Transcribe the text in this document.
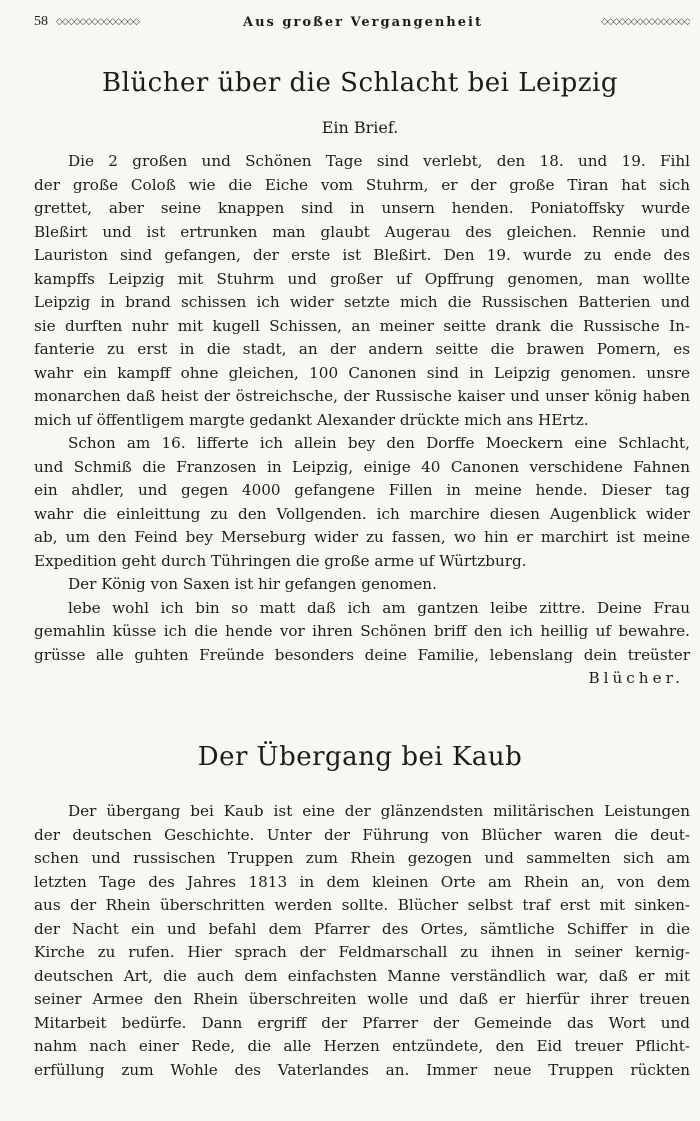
58 ◇◇◇◇◇◇◇◇◇◇◇◇◇◇	Aus großer Vergangenheit	◇◇◇◇◇◇◇◇◇◇◇◇◇◇◇
Blücher über die Schlacht bei Leipzig
Ein Brief.

Die 2 großen und Schönen Tage sind verlebt, den 18. und 19. Fihl
der große Coloß wie die Eiche vom Stuhrm, er der große Tiran hat sich
grettet, aber seine knappen sind in unsern henden. Poniatoffsky wurde
Bleßirt und ist ertrunken man glaubt Augerau des gleichen. Rennie und
Lauriston sind gefangen, der erste ist Bleßirt. Den 19. wurde zu ende des
kampffs Leipzig mit Stuhrm und großer uf Opffrung genomen, man wollte
Leipzig in brand schissen ich wider setzte mich die Russischen Batterien und
sie durften nuhr mit kugell Schissen, an meiner seitte drank die Russische In-
fanterie zu erst in die stadt, an der andern seitte die brawen Pomern, es
wahr ein kampff ohne gleichen, 100 Canonen sind in Leipzig genomen. unsre
monarchen daß heist der östreichsche, der Russische kaiser und unser könig haben
mich uf öffentligem margte gedankt Alexander drückte mich ans HErtz.

Schon am 16. lifferte ich allein bey den Dorffe Moeckern eine Schlacht,
und Schmiß die Franzosen in Leipzig, einige 40 Canonen verschidene Fahnen
ein ahdler, und gegen 4000 gefangene Fillen in meine hende. Dieser tag
wahr die einleittung zu den Vollgenden. ich marchire diesen Augenblick wider
ab, um den Feind bey Merseburg wider zu fassen, wo hin er marchirt ist meine
Expedition geht durch Tühringen die große arme uf Würtzburg.

Der König von Saxen ist hir gefangen genomen.

lebe wohl ich bin so matt daß ich am gantzen leibe zittre. Deine Frau
gemahlin küsse ich die hende vor ihren Schönen briff den ich heillig uf bewahre.
grüsse alle guhten Freünde besonders deine Familie, lebenslang dein treüster

Blücher.
Der Übergang bei Kaub

Der übergang bei Kaub ist eine der glänzendsten militärischen Leistungen
der deutschen Geschichte. Unter der Führung von Blücher waren die deut-
schen und russischen Truppen zum Rhein gezogen und sammelten sich am
letzten Tage des Jahres 1813 in dem kleinen Orte am Rhein an, von dem
aus der Rhein überschritten werden sollte. Blücher selbst traf erst mit sinken-
der Nacht ein und befahl dem Pfarrer des Ortes, sämtliche Schiffer in die
Kirche zu rufen. Hier sprach der Feldmarschall zu ihnen in seiner kernig-
deutschen Art, die auch dem einfachsten Manne verständlich war, daß er mit
seiner Armee den Rhein überschreiten wolle und daß er hierfür ihrer treuen
Mitarbeit bedürfe. Dann ergriff der Pfarrer der Gemeinde das Wort und
nahm nach einer Rede, die alle Herzen entzündete, den Eid treuer Pflicht-
erfüllung zum Wohle des Vaterlandes an. Immer neue Truppen rückten
